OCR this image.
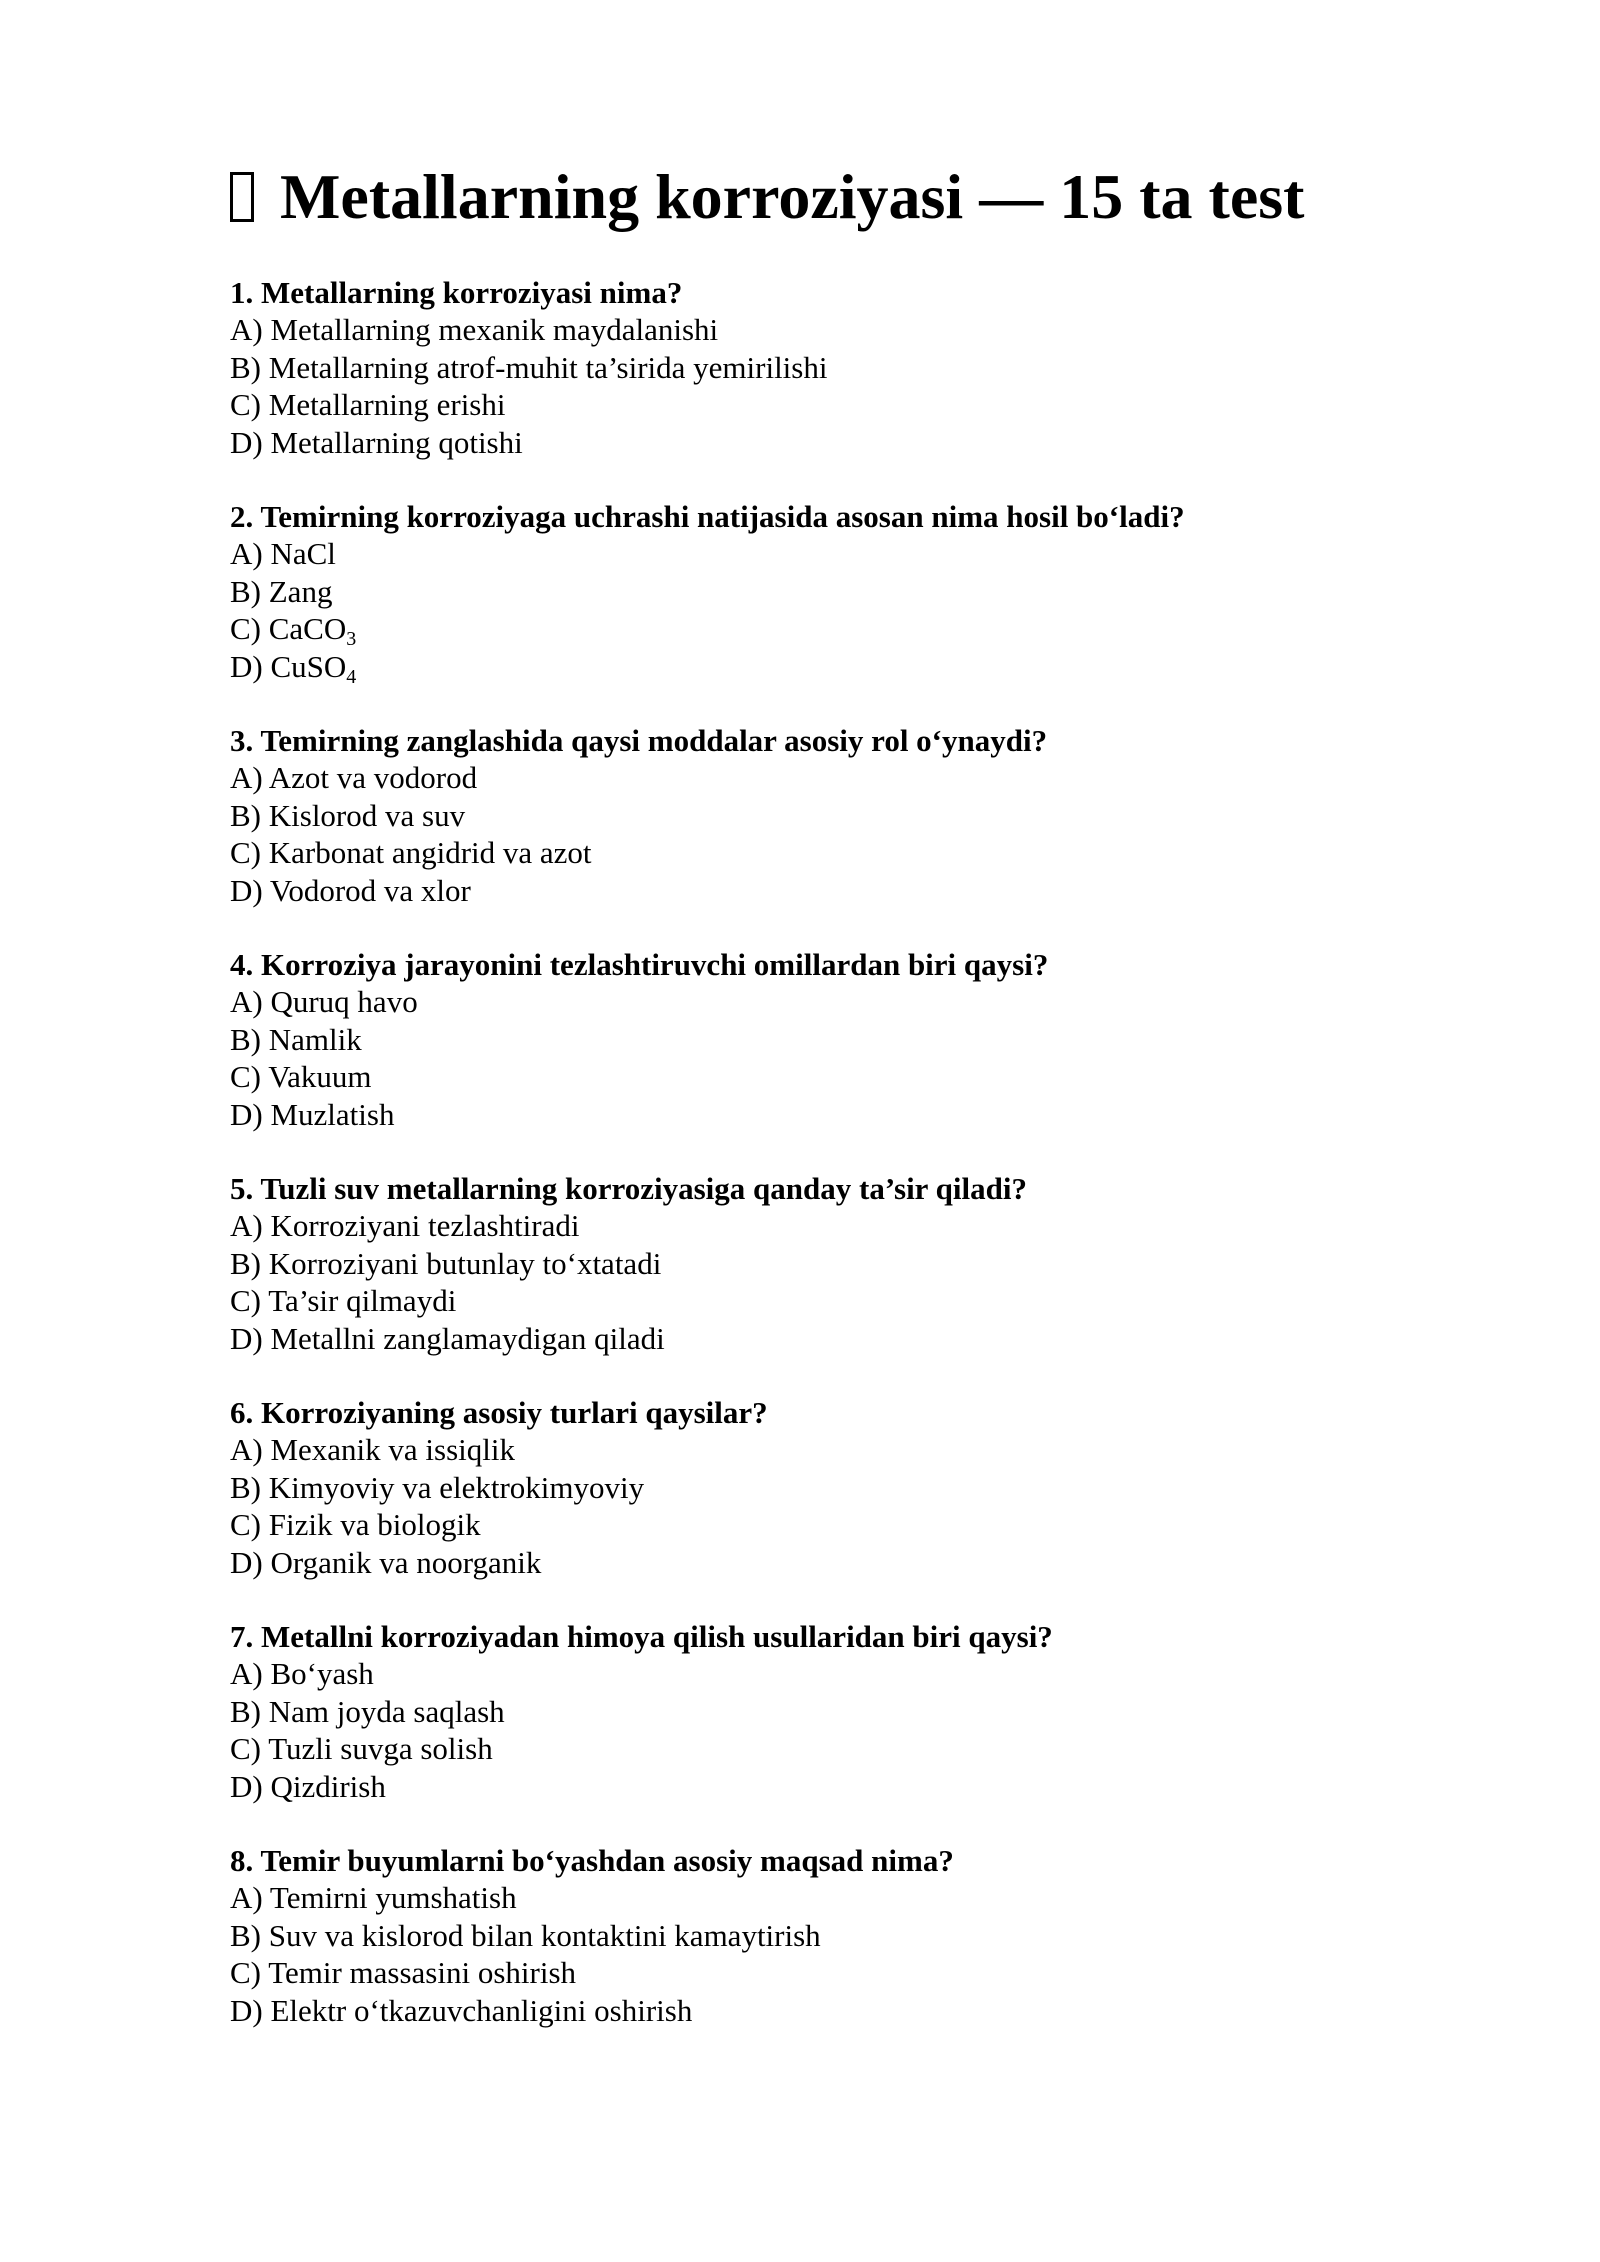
Metallarning korroziyasi — 15 ta test
1. Metallarning korroziyasi nima?
A) Metallarning mexanik maydalanishi
B) Metallarning atrof-muhit ta’sirida yemirilishi
C) Metallarning erishi
D) Metallarning qotishi
2. Temirning korroziyaga uchrashi natijasida asosan nima hosil bo‘ladi?
A) NaCl
B) Zang
C) CaCO$_3$
D) CuSO$_4$
3. Temirning zanglashida qaysi moddalar asosiy rol o‘ynaydi?
A) Azot va vodorod
B) Kislorod va suv
C) Karbonat angidrid va azot
D) Vodorod va xlor
4. Korroziya jarayonini tezlashtiruvchi omillardan biri qaysi?
A) Quruq havo
B) Namlik
C) Vakuum
D) Muzlatish
5. Tuzli suv metallarning korroziyasiga qanday ta’sir qiladi?
A) Korroziyani tezlashtiradi
B) Korroziyani butunlay to‘xtatadi
C) Ta’sir qilmaydi
D) Metallni zanglamaydigan qiladi
6. Korroziyaning asosiy turlari qaysilar?
A) Mexanik va issiqlik
B) Kimyoviy va elektrokimyoviy
C) Fizik va biologik
D) Organik va noorganik
7. Metallni korroziyadan himoya qilish usullaridan biri qaysi?
A) Bo‘yash
B) Nam joyda saqlash
C) Tuzli suvga solish
D) Qizdirish
8. Temir buyumlarni bo‘yashdan asosiy maqsad nima?
A) Temirni yumshatish
B) Suv va kislorod bilan kontaktini kamaytirish
C) Temir massasini oshirish
D) Elektr o‘tkazuvchanligini oshirish
